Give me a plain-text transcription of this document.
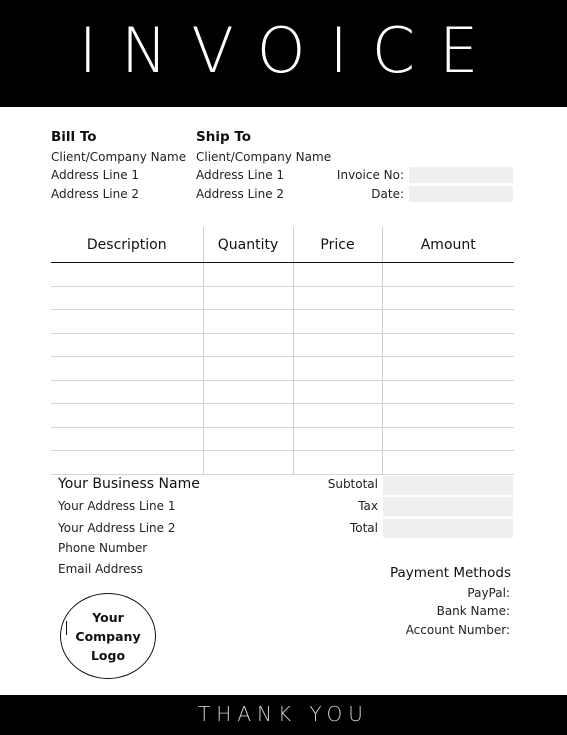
INVOICE
Bill To
Client/Company Name
Address Line 1
Address Line 2
Ship To
Client/Company Name
Address Line 1
Address Line 2
Invoice No:
Date:
Description	Quantity	Price	Amount

Your Business Name
Your Address Line 1
Your Address Line 2
Phone Number
Email Address
Subtotal
Tax
Total
Payment Methods
PayPal:
Bank Name:
Account Number:
Your
Company
Logo
THANK YOU
